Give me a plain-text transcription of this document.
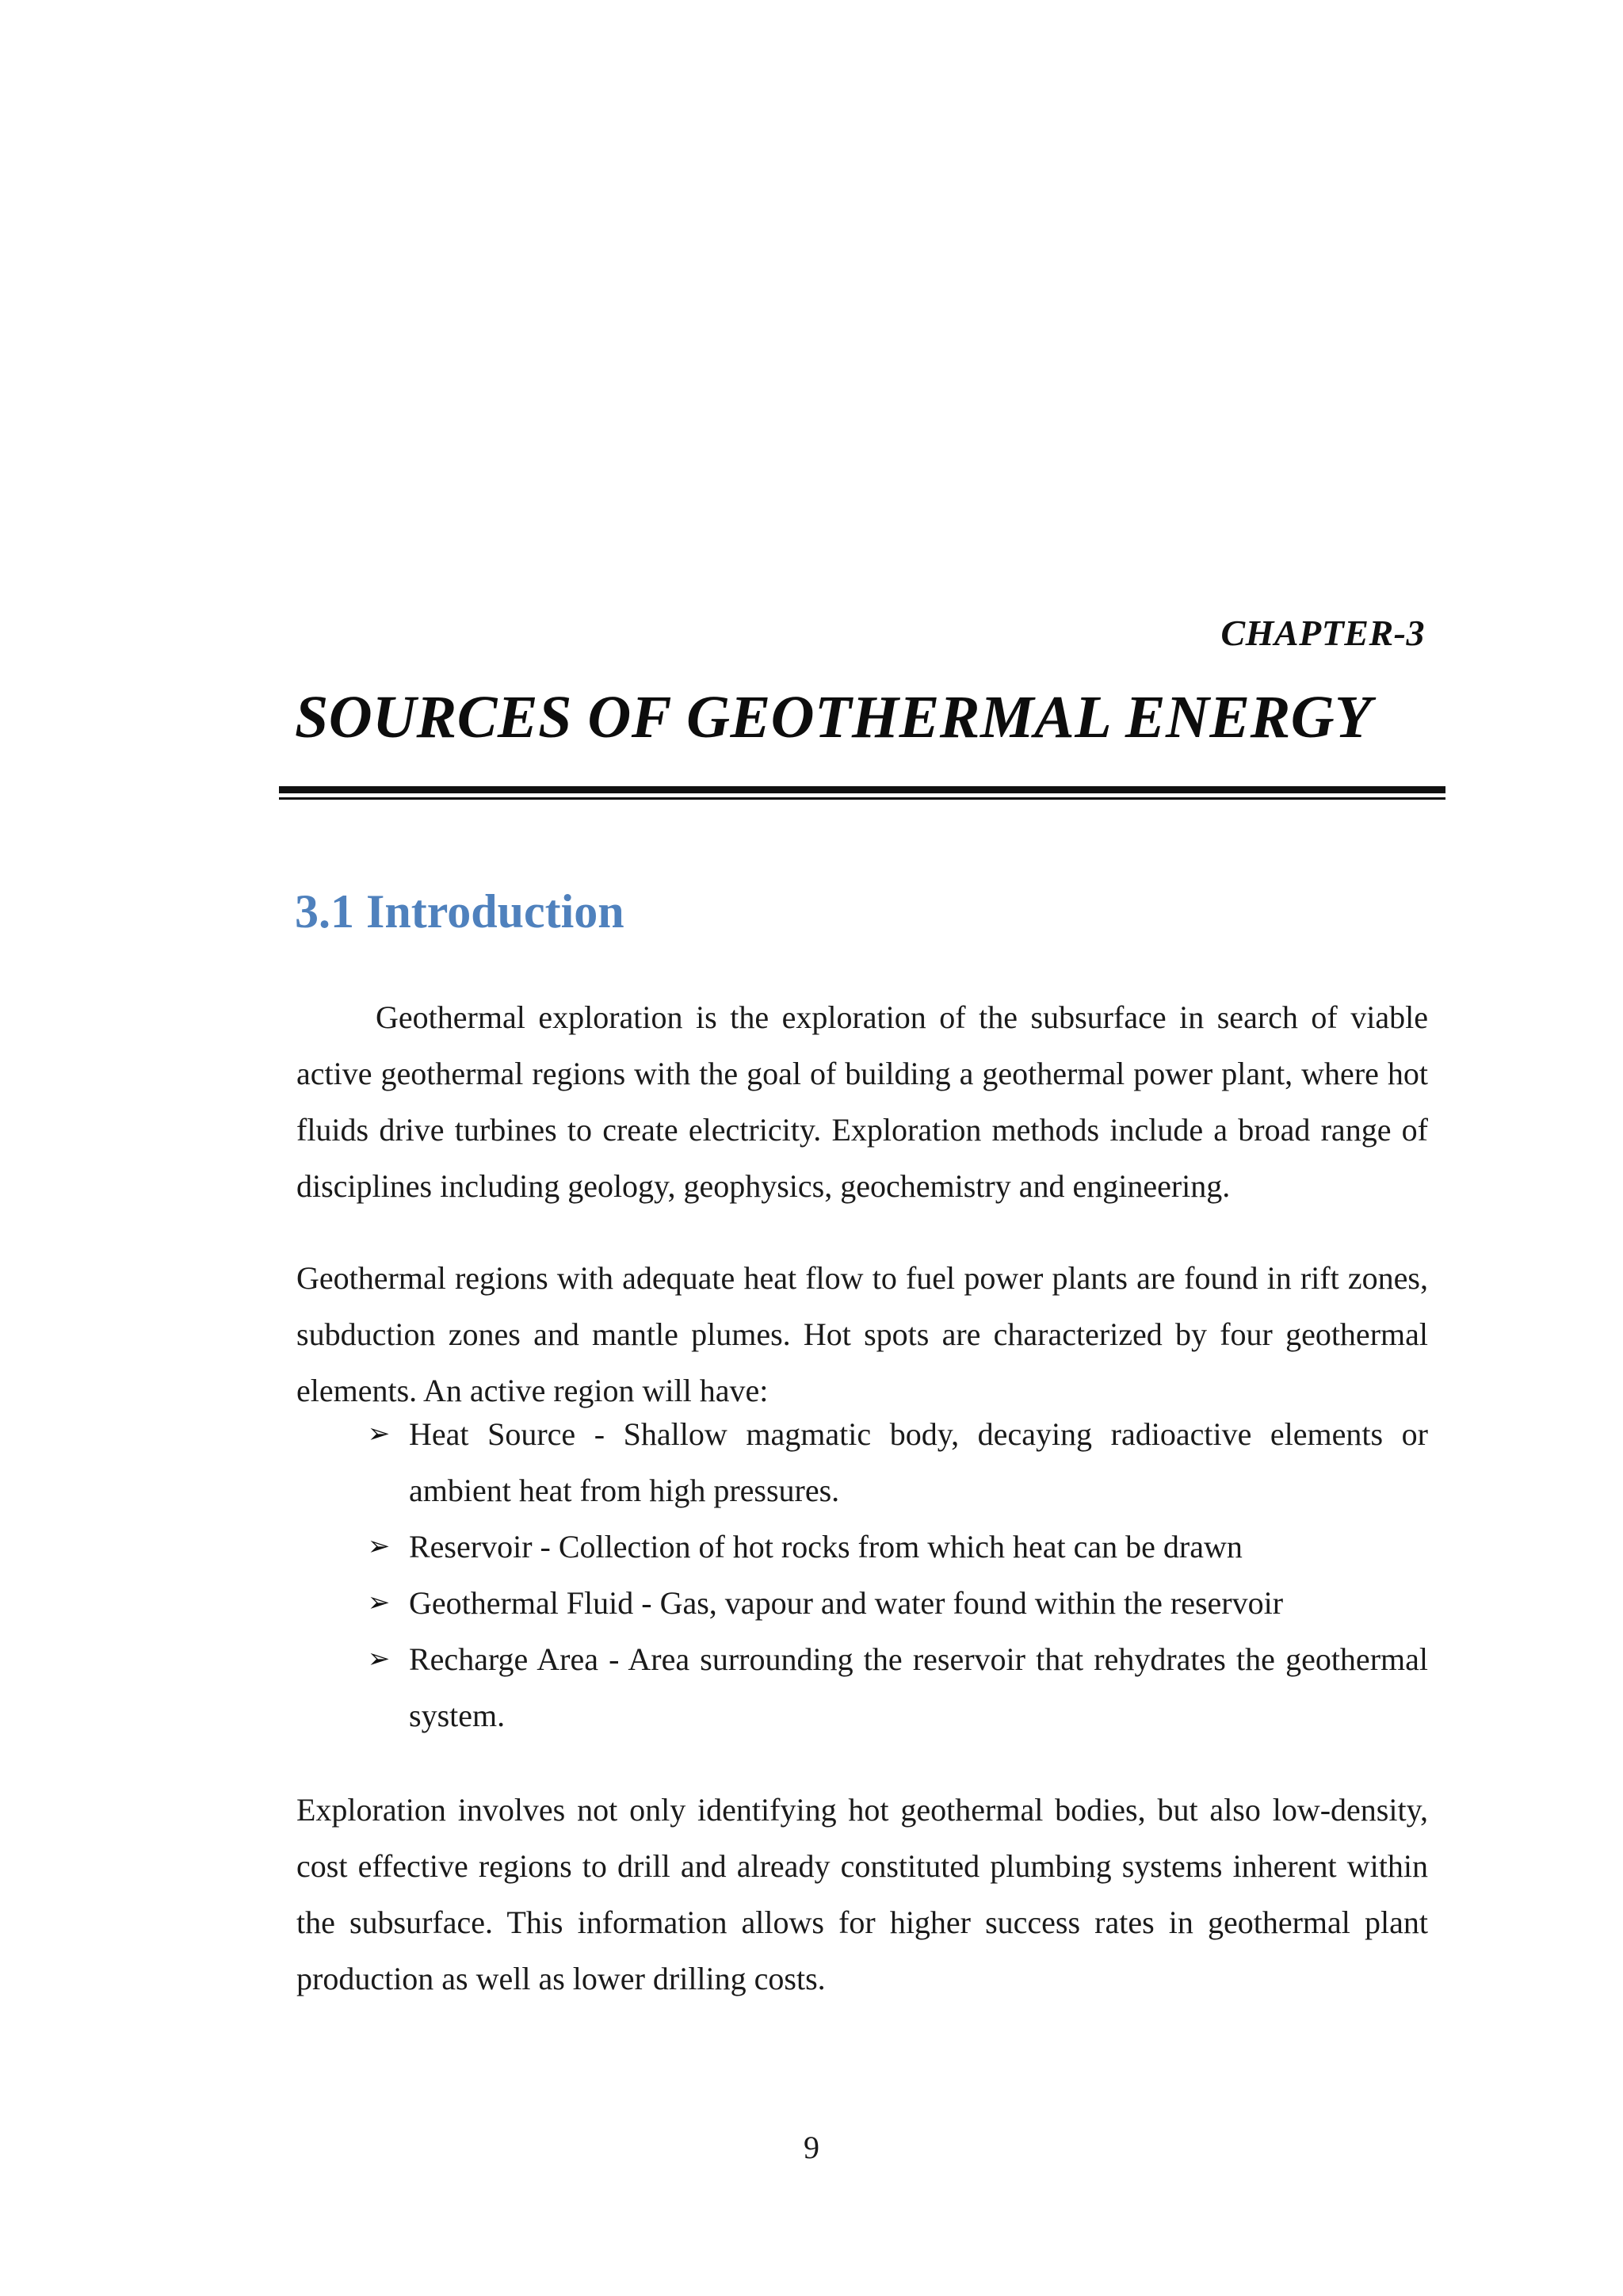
CHAPTER-3
SOURCES OF GEOTHERMAL ENERGY
3.1 Introduction

Geothermal exploration is the exploration of the subsurface in search of viable active geothermal regions with the goal of building a geothermal power plant, where hot fluids drive turbines to create electricity. Exploration methods include a broad range of disciplines including geology, geophysics, geochemistry and engineering.

Geothermal regions with adequate heat flow to fuel power plants are found in rift zones, subduction zones and mantle plumes. Hot spots are characterized by four geothermal elements. An active region will have:

➢ Heat Source - Shallow magmatic body, decaying radioactive elements or ambient heat from high pressures.
➢ Reservoir - Collection of hot rocks from which heat can be drawn
➢ Geothermal Fluid - Gas, vapour and water found within the reservoir
➢ Recharge Area - Area surrounding the reservoir that rehydrates the geothermal system.

Exploration involves not only identifying hot geothermal bodies, but also low-density, cost effective regions to drill and already constituted plumbing systems inherent within the subsurface. This information allows for higher success rates in geothermal plant production as well as lower drilling costs.

9
